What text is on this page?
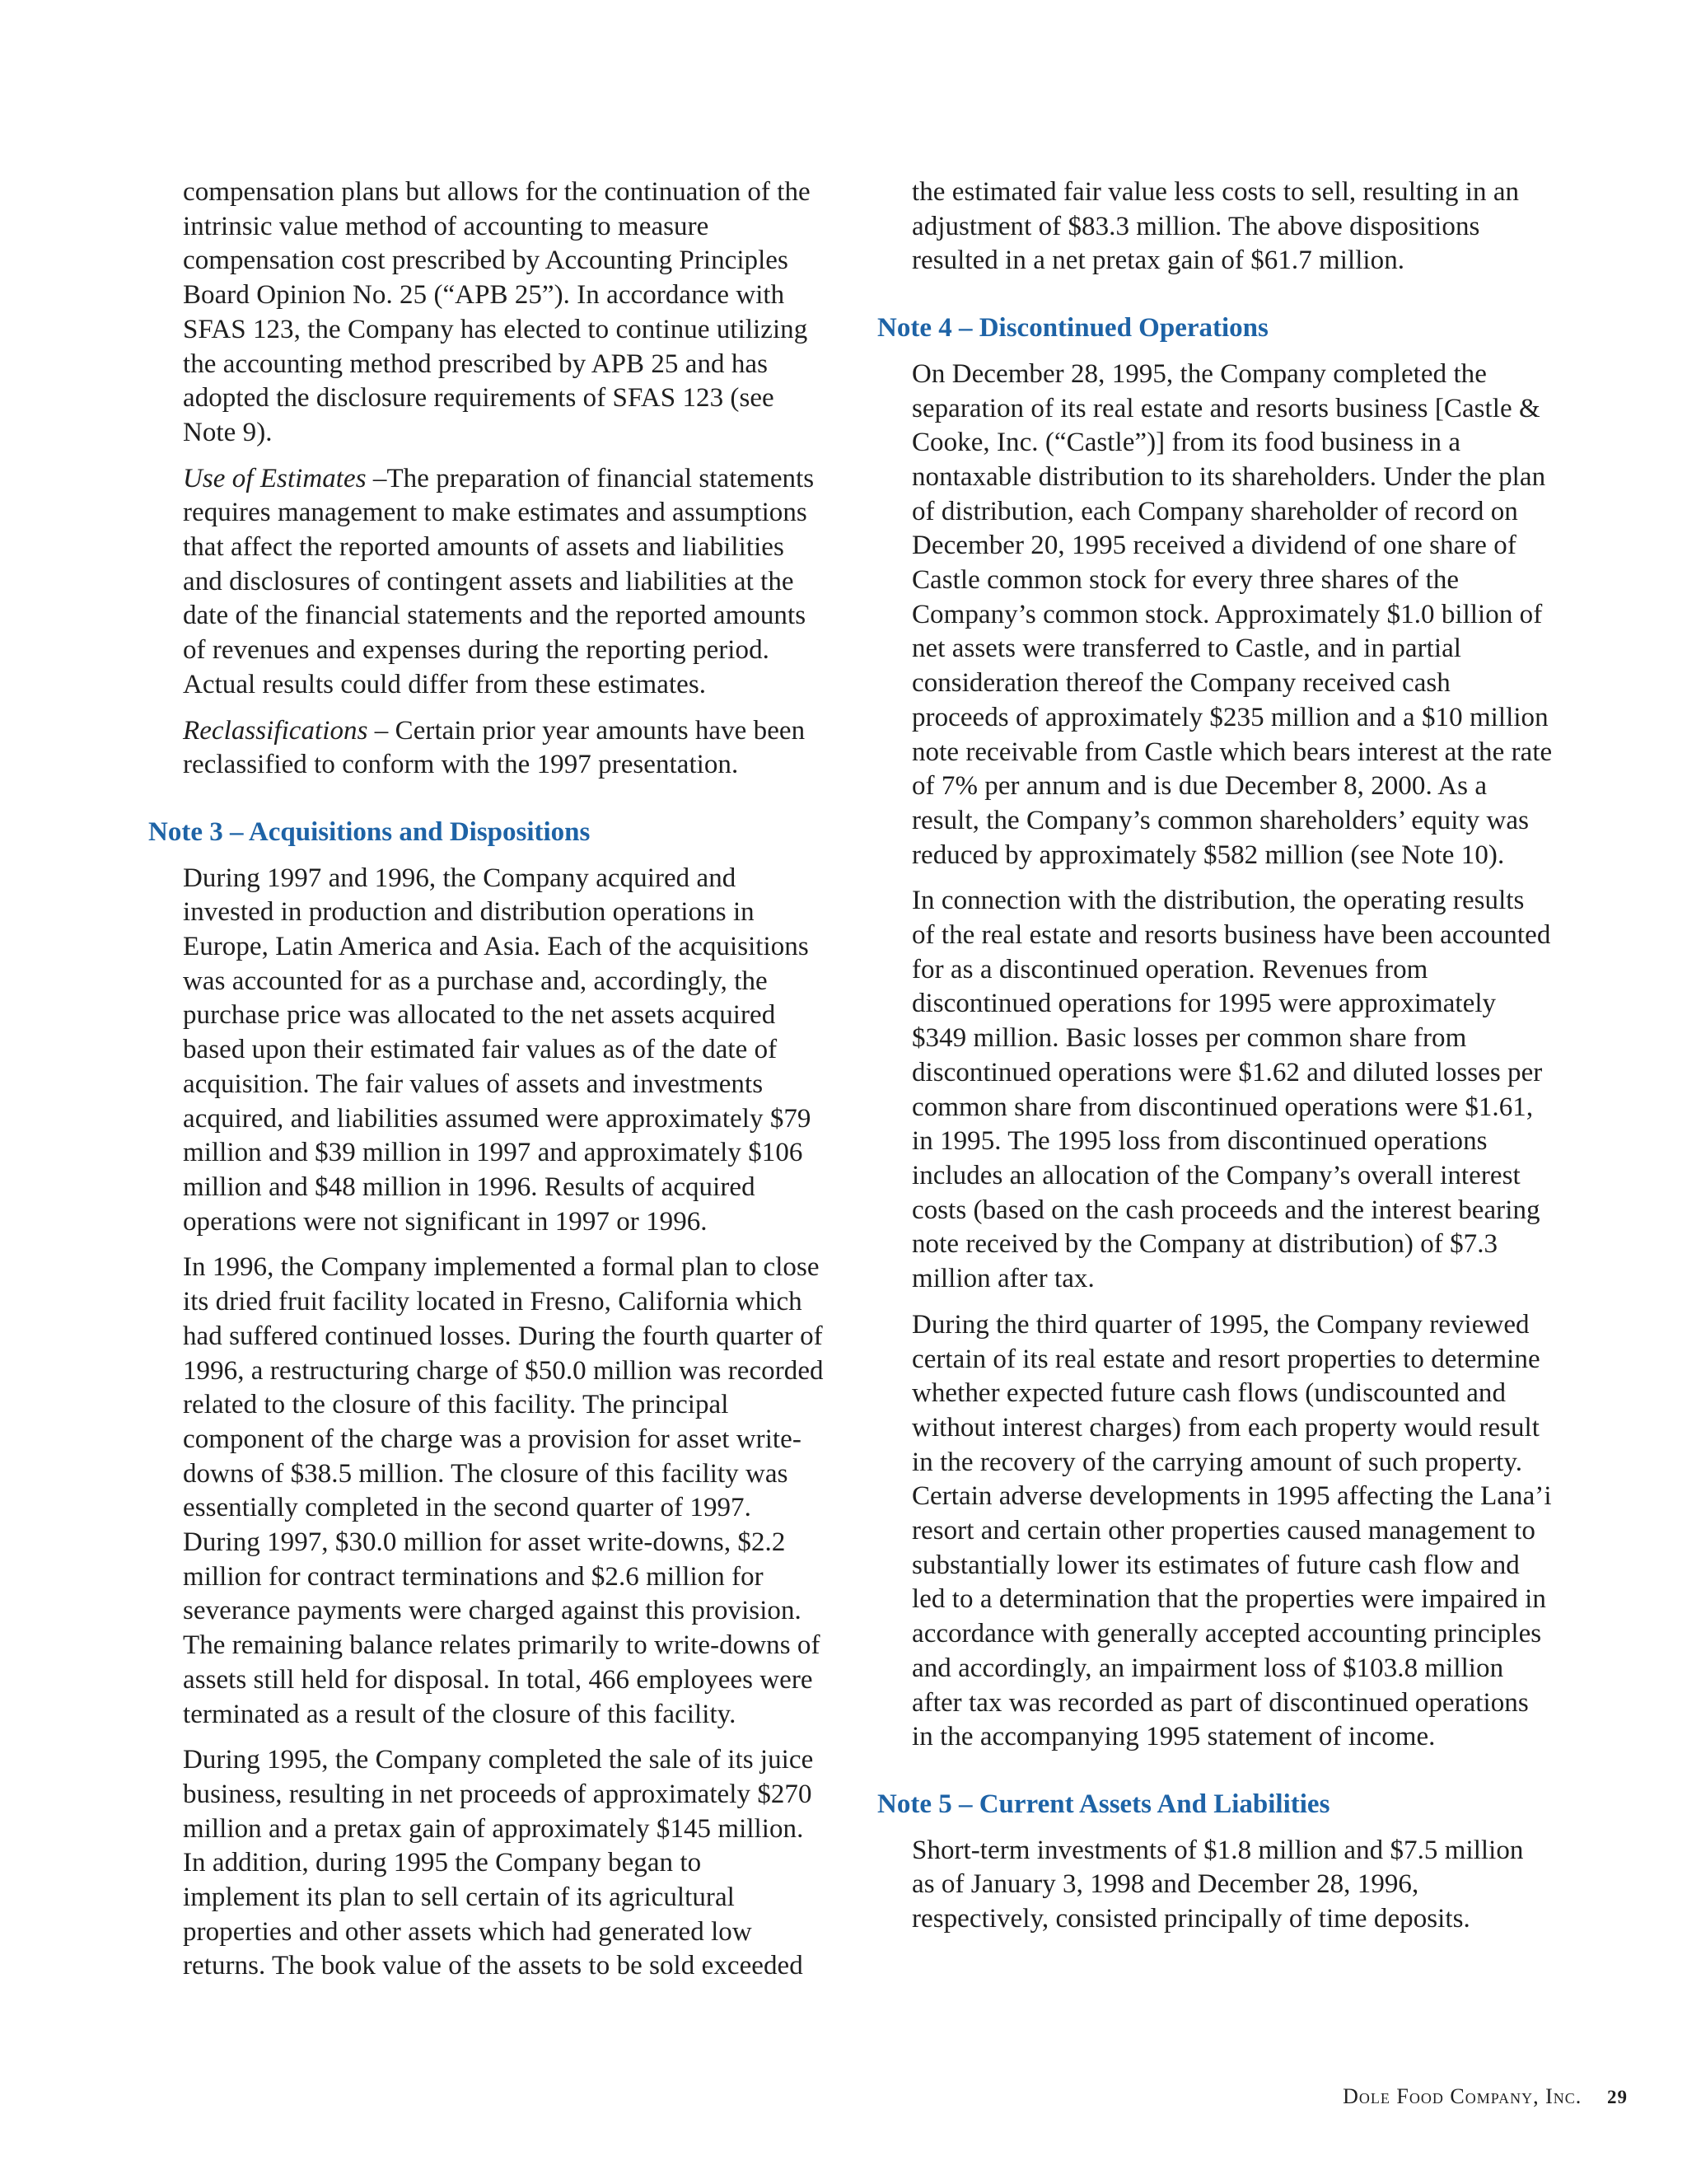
compensation plans but allows for the continuation of the intrinsic value method of accounting to measure compensation cost prescribed by Accounting Principles Board Opinion No. 25 (“APB 25”). In accordance with SFAS 123, the Company has elected to continue utilizing the accounting method prescribed by APB 25 and has adopted the disclosure requirements of SFAS 123 (see Note 9).

Use of Estimates –The preparation of financial statements requires management to make estimates and assumptions that affect the reported amounts of assets and liabilities and disclosures of contingent assets and liabilities at the date of the financial statements and the reported amounts of revenues and expenses during the reporting period. Actual results could differ from these estimates.

Reclassifications – Certain prior year amounts have been reclassified to conform with the 1997 presentation.

Note 3 – Acquisitions and Dispositions

During 1997 and 1996, the Company acquired and invested in production and distribution operations in Europe, Latin America and Asia. Each of the acquisitions was accounted for as a purchase and, accordingly, the purchase price was allocated to the net assets acquired based upon their estimated fair values as of the date of acquisition. The fair values of assets and investments acquired, and liabilities assumed were approximately $79 million and $39 million in 1997 and approximately $106 million and $48 million in 1996. Results of acquired operations were not significant in 1997 or 1996.

In 1996, the Company implemented a formal plan to close its dried fruit facility located in Fresno, California which had suffered continued losses. During the fourth quarter of 1996, a restructuring charge of $50.0 million was recorded related to the closure of this facility. The principal component of the charge was a provision for asset write-downs of $38.5 million. The closure of this facility was essentially completed in the second quarter of 1997. During 1997, $30.0 million for asset write-downs, $2.2 million for contract terminations and $2.6 million for severance payments were charged against this provision. The remaining balance relates primarily to write-downs of assets still held for disposal. In total, 466 employees were terminated as a result of the closure of this facility.

During 1995, the Company completed the sale of its juice business, resulting in net proceeds of approximately $270 million and a pretax gain of approximately $145 million. In addition, during 1995 the Company began to implement its plan to sell certain of its agricultural properties and other assets which had generated low returns. The book value of the assets to be sold exceeded

the estimated fair value less costs to sell, resulting in an adjustment of $83.3 million. The above dispositions resulted in a net pretax gain of $61.7 million.

Note 4 – Discontinued Operations

On December 28, 1995, the Company completed the separation of its real estate and resorts business [Castle & Cooke, Inc. (“Castle”)] from its food business in a nontaxable distribution to its shareholders. Under the plan of distribution, each Company shareholder of record on December 20, 1995 received a dividend of one share of Castle common stock for every three shares of the Company’s common stock. Approximately $1.0 billion of net assets were transferred to Castle, and in partial consideration thereof the Company received cash proceeds of approximately $235 million and a $10 million note receivable from Castle which bears interest at the rate of 7% per annum and is due December 8, 2000. As a result, the Company’s common shareholders’ equity was reduced by approximately $582 million (see Note 10).

In connection with the distribution, the operating results of the real estate and resorts business have been accounted for as a discontinued operation. Revenues from discontinued operations for 1995 were approximately $349 million. Basic losses per common share from discontinued operations were $1.62 and diluted losses per common share from discontinued operations were $1.61, in 1995. The 1995 loss from discontinued operations includes an allocation of the Company’s overall interest costs (based on the cash proceeds and the interest bearing note received by the Company at distribution) of $7.3 million after tax.

During the third quarter of 1995, the Company reviewed certain of its real estate and resort properties to determine whether expected future cash flows (undiscounted and without interest charges) from each property would result in the recovery of the carrying amount of such property. Certain adverse developments in 1995 affecting the Lana’i resort and certain other properties caused management to substantially lower its estimates of future cash flow and led to a determination that the properties were impaired in accordance with generally accepted accounting principles and accordingly, an impairment loss of $103.8 million after tax was recorded as part of discontinued operations in the accompanying 1995 statement of income.

Note 5 – Current Assets And Liabilities

Short-term investments of $1.8 million and $7.5 million as of January 3, 1998 and December 28, 1996, respectively, consisted principally of time deposits.

Dole Food Company, Inc. 29
